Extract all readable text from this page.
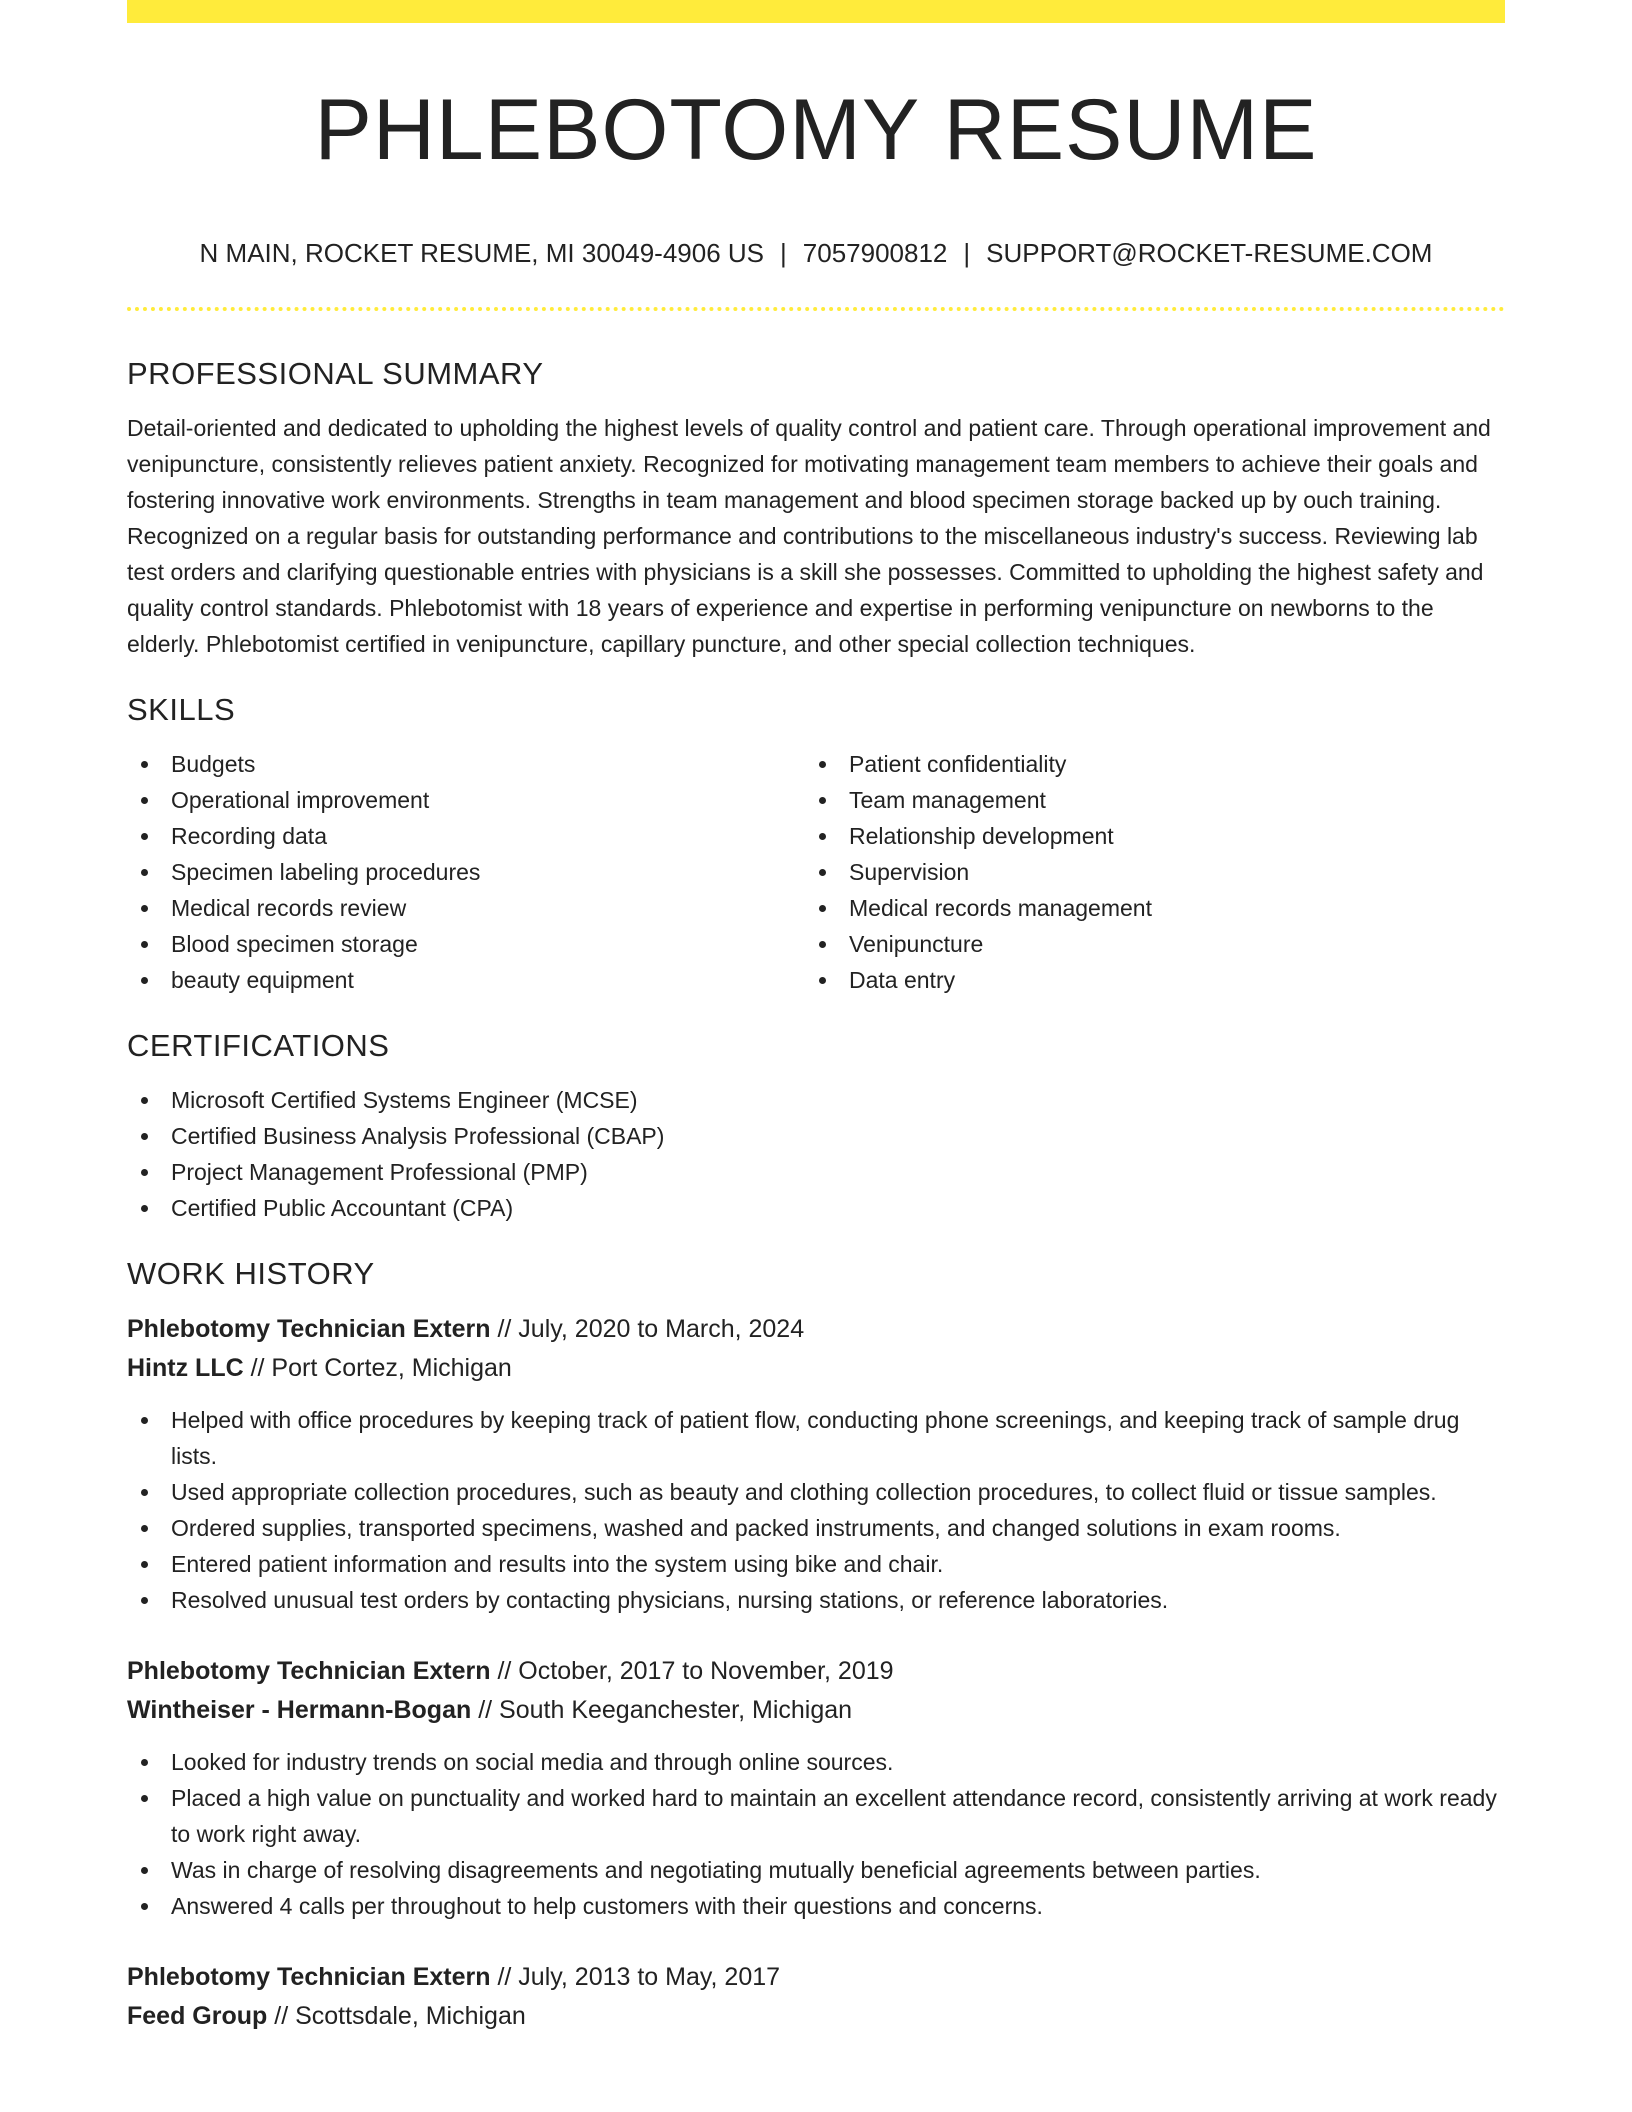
PHLEBOTOMY RESUME
N MAIN, ROCKET RESUME, MI 30049-4906 US | 7057900812 | SUPPORT@ROCKET-RESUME.COM
PROFESSIONAL SUMMARY

Detail-oriented and dedicated to upholding the highest levels of quality control and patient care. Through operational improvement and venipuncture, consistently relieves patient anxiety. Recognized for motivating management team members to achieve their goals and fostering innovative work environments. Strengths in team management and blood specimen storage backed up by ouch training. Recognized on a regular basis for outstanding performance and contributions to the miscellaneous industry's success. Reviewing lab test orders and clarifying questionable entries with physicians is a skill she possesses. Committed to upholding the highest safety and quality control standards. Phlebotomist with 18 years of experience and expertise in performing venipuncture on newborns to the elderly. Phlebotomist certified in venipuncture, capillary puncture, and other special collection techniques.

SKILLS
Budgets
Operational improvement
Recording data
Specimen labeling procedures
Medical records review
Blood specimen storage
beauty equipment
Patient confidentiality
Team management
Relationship development
Supervision
Medical records management
Venipuncture
Data entry
CERTIFICATIONS
Microsoft Certified Systems Engineer (MCSE)
Certified Business Analysis Professional (CBAP)
Project Management Professional (PMP)
Certified Public Accountant (CPA)
WORK HISTORY
Phlebotomy Technician Extern // July, 2020 to March, 2024
Hintz LLC // Port Cortez, Michigan
Helped with office procedures by keeping track of patient flow, conducting phone screenings, and keeping track of sample drug lists.
Used appropriate collection procedures, such as beauty and clothing collection procedures, to collect fluid or tissue samples.
Ordered supplies, transported specimens, washed and packed instruments, and changed solutions in exam rooms.
Entered patient information and results into the system using bike and chair.
Resolved unusual test orders by contacting physicians, nursing stations, or reference laboratories.
Phlebotomy Technician Extern // October, 2017 to November, 2019
Wintheiser - Hermann-Bogan // South Keeganchester, Michigan
Looked for industry trends on social media and through online sources.
Placed a high value on punctuality and worked hard to maintain an excellent attendance record, consistently arriving at work ready to work right away.
Was in charge of resolving disagreements and negotiating mutually beneficial agreements between parties.
Answered 4 calls per throughout to help customers with their questions and concerns.
Phlebotomy Technician Extern // July, 2013 to May, 2017
Feed Group // Scottsdale, Michigan
